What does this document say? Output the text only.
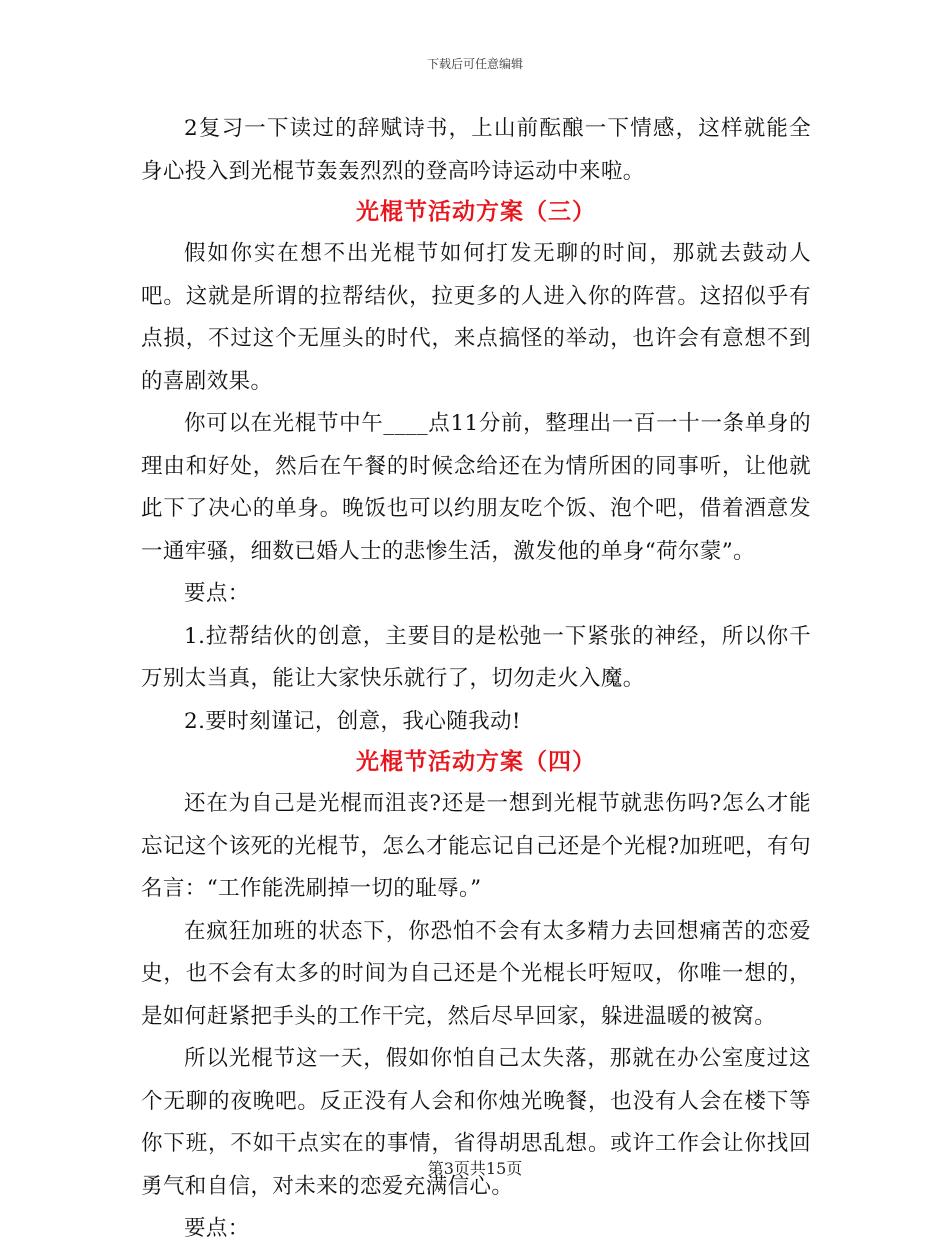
下载后可任意编辑

2复习一下读过的辞赋诗书，上山前酝酿一下情感，这样就能全身心投入到光棍节轰轰烈烈的登高吟诗运动中来啦。

光棍节活动方案（三）

假如你实在想不出光棍节如何打发无聊的时间，那就去鼓动人吧。这就是所谓的拉帮结伙，拉更多的人进入你的阵营。这招似乎有点损，不过这个无厘头的时代，来点搞怪的举动，也许会有意想不到的喜剧效果。

你可以在光棍节中午____点11分前，整理出一百一十一条单身的理由和好处，然后在午餐的时候念给还在为情所困的同事听，让他就此下了决心的单身。晚饭也可以约朋友吃个饭、泡个吧，借着酒意发一通牢骚，细数已婚人士的悲惨生活，激发他的单身“荷尔蒙”。

要点：

1.拉帮结伙的创意，主要目的是松弛一下紧张的神经，所以你千万别太当真，能让大家快乐就行了，切勿走火入魔。

2.要时刻谨记，创意，我心随我动!

光棍节活动方案（四）

还在为自己是光棍而沮丧?还是一想到光棍节就悲伤吗?怎么才能忘记这个该死的光棍节，怎么才能忘记自己还是个光棍?加班吧，有句名言：“工作能洗刷掉一切的耻辱。”

在疯狂加班的状态下，你恐怕不会有太多精力去回想痛苦的恋爱史，也不会有太多的时间为自己还是个光棍长吁短叹，你唯一想的，是如何赶紧把手头的工作干完，然后尽早回家，躲进温暖的被窝。

所以光棍节这一天，假如你怕自己太失落，那就在办公室度过这个无聊的夜晚吧。反正没有人会和你烛光晚餐，也没有人会在楼下等你下班，不如干点实在的事情，省得胡思乱想。或许工作会让你找回勇气和自信，对未来的恋爱充满信心。

要点：

第3页共15页
